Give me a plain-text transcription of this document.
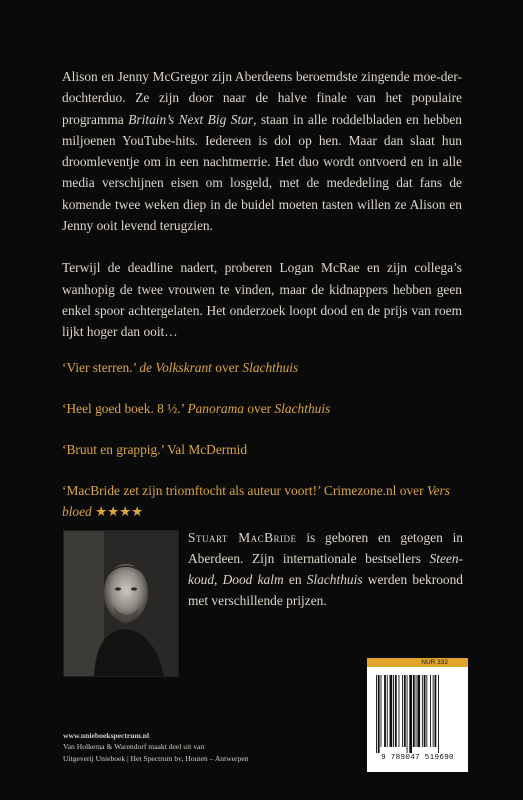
Alison en Jenny McGregor zijn Aberdeens beroemdste zingende moe-der-dochterduo. Ze zijn door naar de halve finale van het populaire programma Britain’s Next Big Star, staan in alle roddelbladen en hebben miljoenen YouTube-hits. Iedereen is dol op hen. Maar dan slaat hun droomleventje om in een nachtmerrie. Het duo wordt ontvoerd en in alle media verschijnen eisen om losgeld, met de mededeling dat fans de komende twee weken diep in de buidel moeten tasten willen ze Alison en Jenny ooit levend terugzien.

Terwijl de deadline nadert, proberen Logan McRae en zijn collega’s wanhopig de twee vrouwen te vinden, maar de kidnappers hebben geen enkel spoor achtergelaten. Het onderzoek loopt dood en de prijs van roem lijkt hoger dan ooit…

‘Vier sterren.’ de Volkskrant over Slachthuis
‘Heel goed boek. 8 ½.’ Panorama over Slachthuis
‘Bruut en grappig.’ Val McDermid
‘MacBride zet zijn triomftocht als auteur voort!’ Crimezone.nl over Vers bloed ★★★★
Stuart MacBride is geboren en getogen in Aberdeen. Zijn internationale bestsellers Steen-koud, Dood kalm en Slachthuis werden bekroond met verschillende prijzen.
NUR 332
9 789047 519690
www.unieboekspectrum.nl
Van Holkema & Warendorf maakt deel uit van
Uitgeverij Unieboek | Het Spectrum bv, Houten – Antwerpen
